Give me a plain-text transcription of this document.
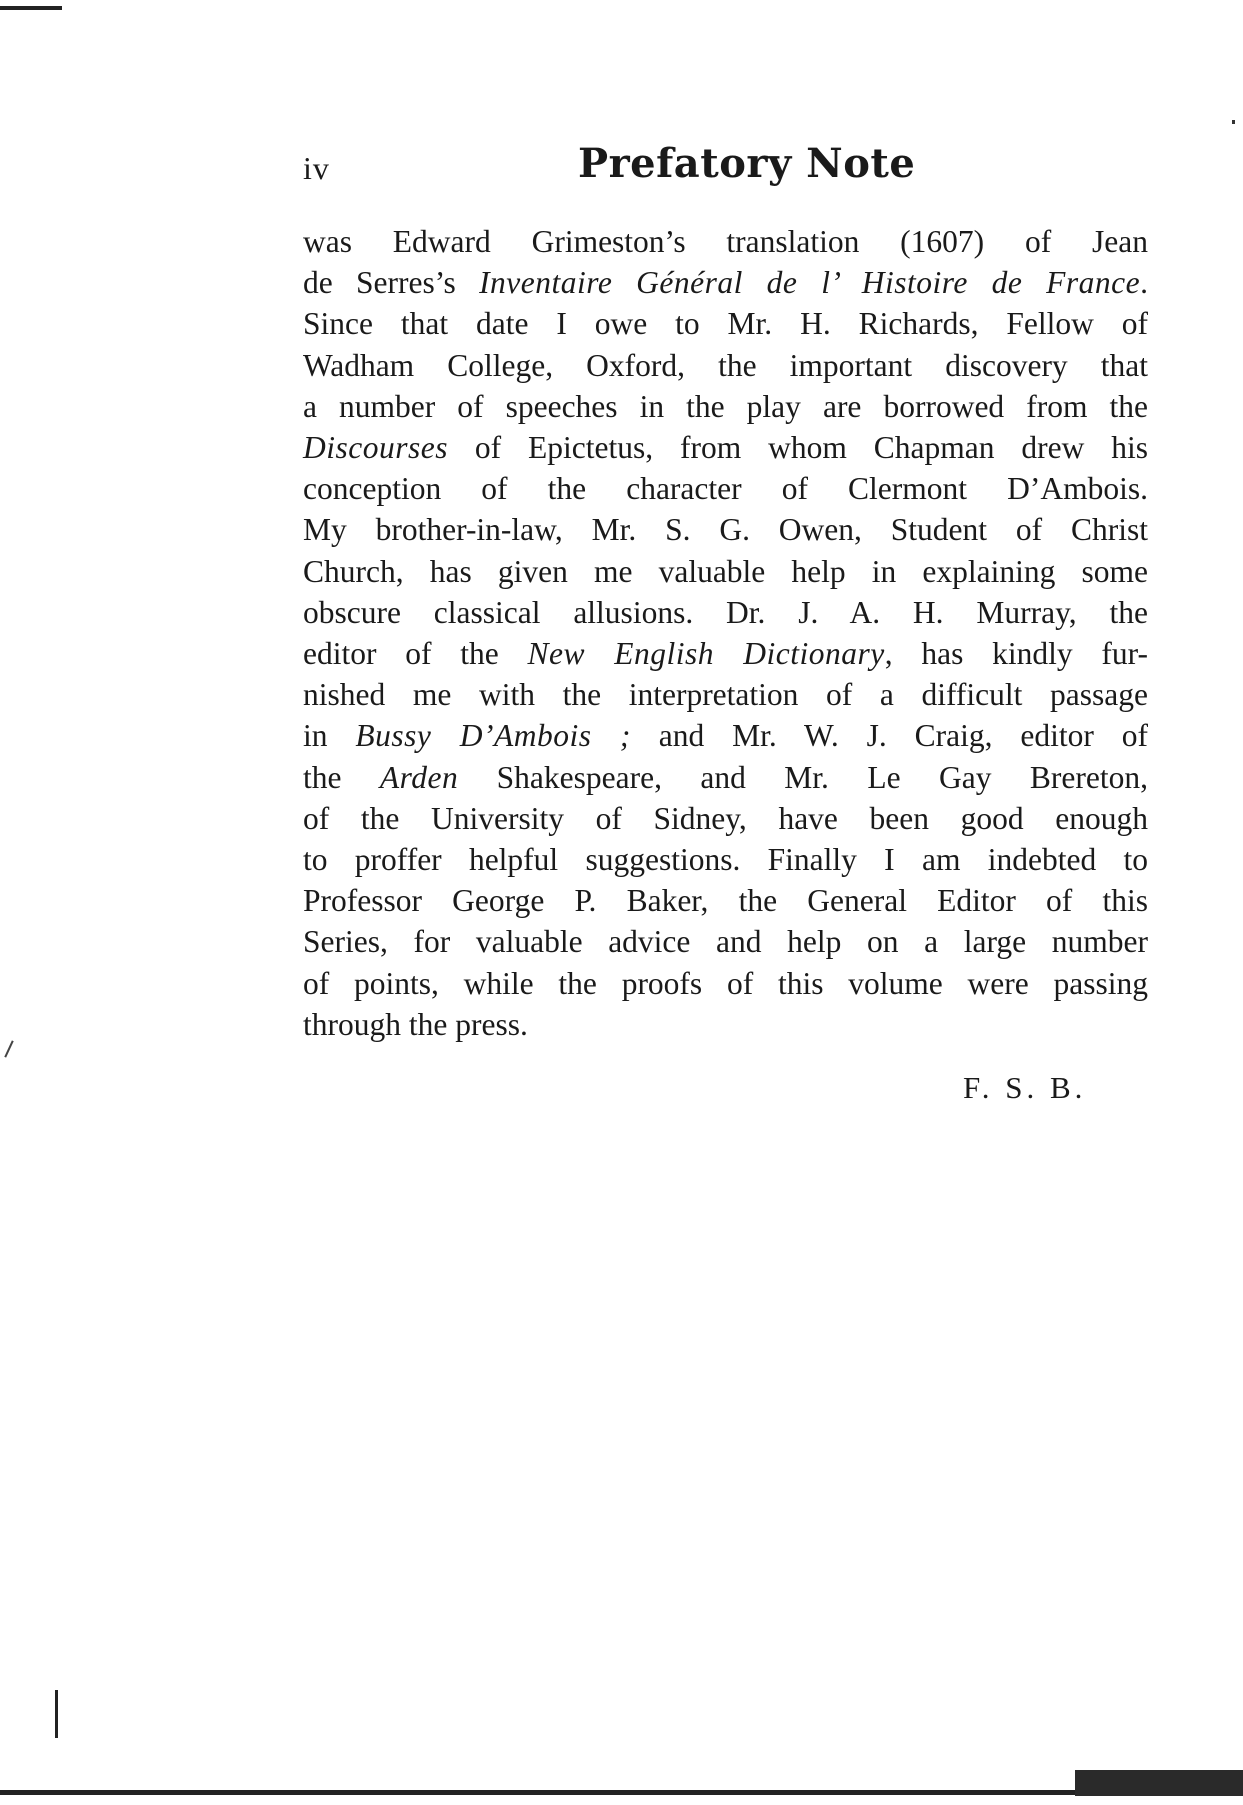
iv	Prefatory Note
was Edward Grimeston’s translation (1607) of Jean
de Serres’s Inventaire Général de l’ Histoire de France.
Since that date I owe to Mr. H. Richards, Fellow of
Wadham College, Oxford, the important discovery that
a number of speeches in the play are borrowed from the
Discourses of Epictetus, from whom Chapman drew his
conception of the character of Clermont D’Ambois.
My brother-in-law, Mr. S. G. Owen, Student of Christ
Church, has given me valuable help in explaining some
obscure classical allusions. Dr. J. A. H. Murray, the
editor of the New English Dictionary, has kindly fur-
nished me with the interpretation of a difficult passage
in Bussy D’Ambois ; and Mr. W. J. Craig, editor of
the Arden Shakespeare, and Mr. Le Gay Brereton,
of the University of Sidney, have been good enough
to proffer helpful suggestions. Finally I am indebted to
Professor George P. Baker, the General Editor of this
Series, for valuable advice and help on a large number
of points, while the proofs of this volume were passing
through the press.
F. S. B.
